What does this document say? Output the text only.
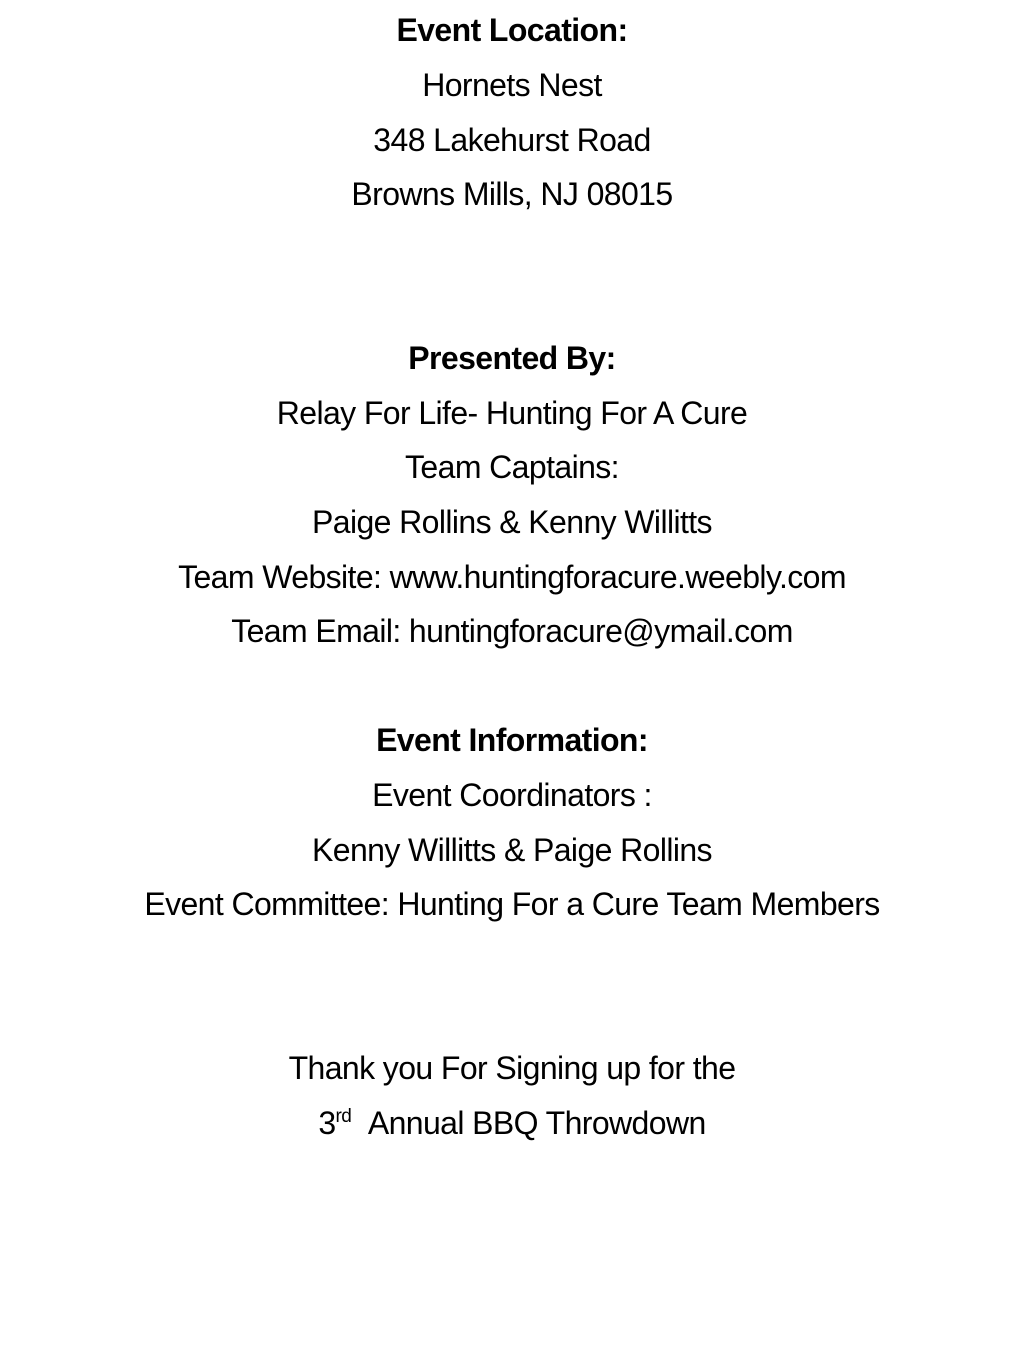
Event Location:
Hornets Nest
348 Lakehurst Road
Browns Mills, NJ 08015
Presented By:
Relay For Life- Hunting For A Cure
Team Captains:
Paige Rollins & Kenny Willitts
Team Website: www.huntingforacure.weebly.com
Team Email: huntingforacure@ymail.com
Event Information:
Event Coordinators :
Kenny Willitts & Paige Rollins
Event Committee: Hunting For a Cure Team Members
Thank you For Signing up for the
3rd Annual BBQ Throwdown
